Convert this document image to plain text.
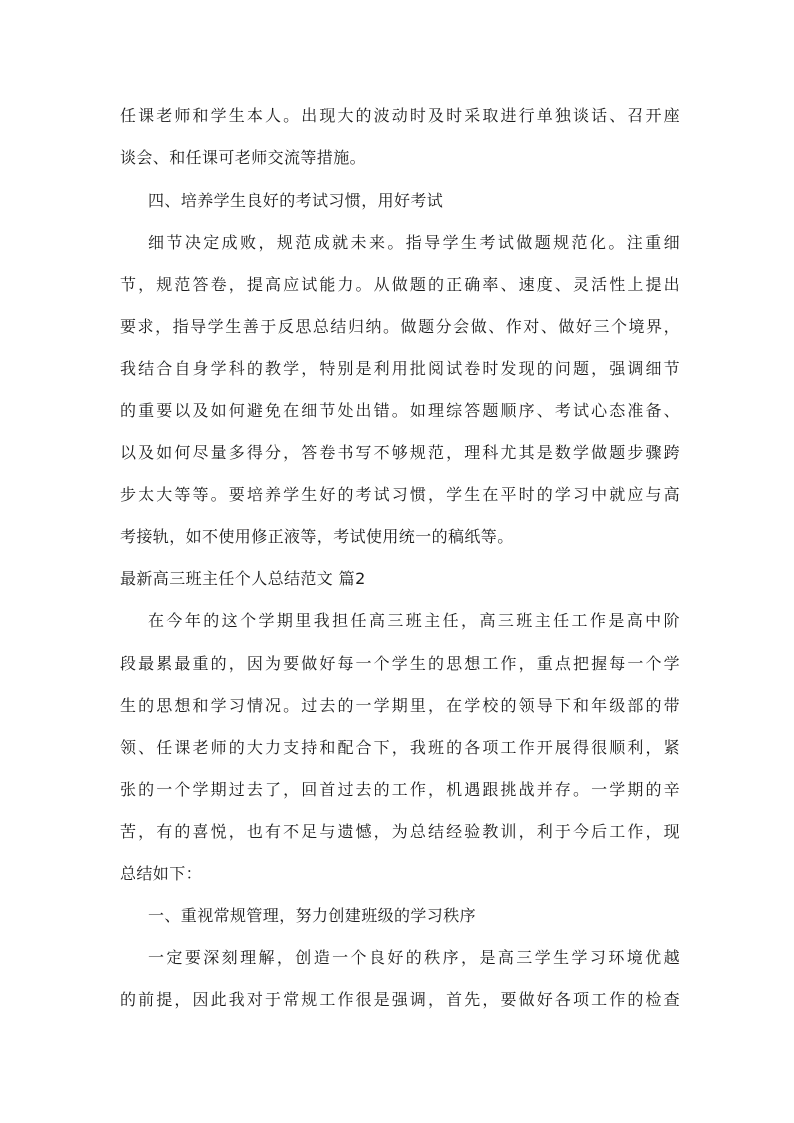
任课老师和学生本人。出现大的波动时及时采取进行单独谈话、召开座

谈会、和任课可老师交流等措施。

四、培养学生良好的考试习惯，用好考试

细节决定成败，规范成就未来。指导学生考试做题规范化。注重细

节，规范答卷，提高应试能力。从做题的正确率、速度、灵活性上提出

要求，指导学生善于反思总结归纳。做题分会做、作对、做好三个境界，

我结合自身学科的教学，特别是利用批阅试卷时发现的问题，强调细节

的重要以及如何避免在细节处出错。如理综答题顺序、考试心态准备、

以及如何尽量多得分，答卷书写不够规范，理科尤其是数学做题步骤跨

步太大等等。要培养学生好的考试习惯，学生在平时的学习中就应与高

考接轨，如不使用修正液等，考试使用统一的稿纸等。

最新高三班主任个人总结范文 篇2

在今年的这个学期里我担任高三班主任，高三班主任工作是高中阶

段最累最重的，因为要做好每一个学生的思想工作，重点把握每一个学

生的思想和学习情况。过去的一学期里，在学校的领导下和年级部的带

领、任课老师的大力支持和配合下，我班的各项工作开展得很顺利，紧

张的一个学期过去了，回首过去的工作，机遇跟挑战并存。一学期的辛

苦，有的喜悦，也有不足与遗憾，为总结经验教训，利于今后工作，现

总结如下：

一、重视常规管理，努力创建班级的学习秩序

一定要深刻理解，创造一个良好的秩序，是高三学生学习环境优越

的前提，因此我对于常规工作很是强调，首先，要做好各项工作的检查
